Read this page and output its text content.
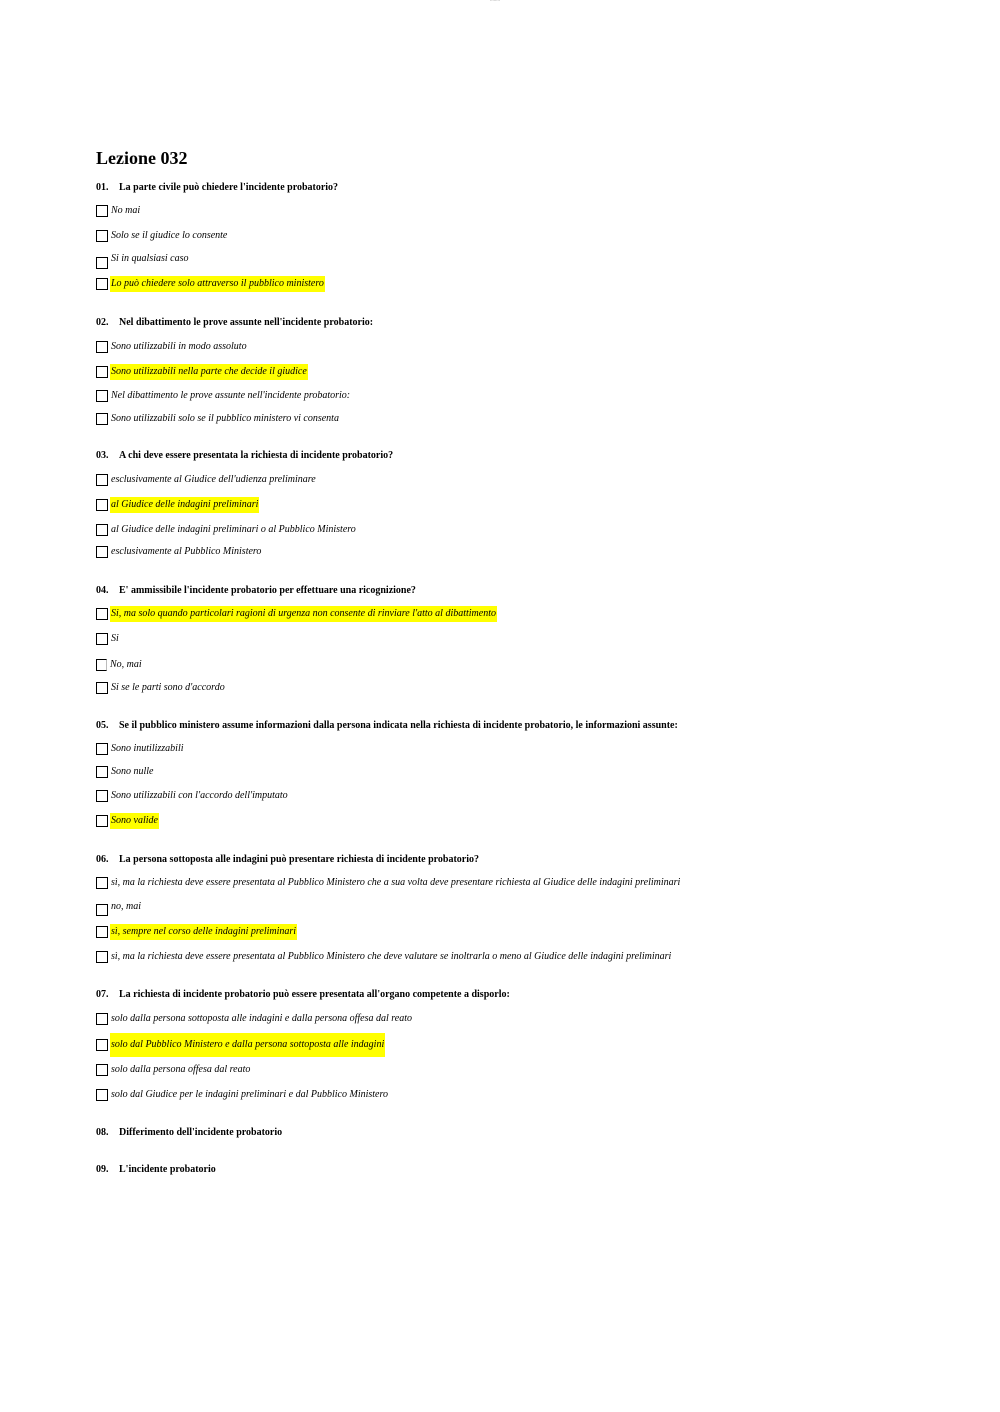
........
Lezione 032
01. La parte civile può chiedere l'incidente probatorio?
No mai
Solo se il giudice lo consente
Si in qualsiasi caso
Lo può chiedere solo attraverso il pubblico ministero
02. Nel dibattimento le prove assunte nell'incidente probatorio:
Sono utilizzabili in modo assoluto
Sono utilizzabili nella parte che decide il giudice
Nel dibattimento le prove assunte nell'incidente probatorio:
Sono utilizzabili solo se il pubblico ministero vi consenta
03. A chi deve essere presentata la richiesta di incidente probatorio?
esclusivamente al Giudice dell'udienza preliminare
al Giudice delle indagini preliminari
al Giudice delle indagini preliminari o al Pubblico Ministero
esclusivamente al Pubblico Ministero
04. E' ammissibile l'incidente probatorio per effettuare una ricognizione?
Si, ma solo quando particolari ragioni di urgenza non consente di rinviare l'atto al dibattimento
Si
No, mai
Si se le parti sono d'accordo
05. Se il pubblico ministero assume informazioni dalla persona indicata nella richiesta di incidente probatorio, le informazioni assunte:
Sono inutilizzabili
Sono nulle
Sono utilizzabili con l'accordo dell'imputato
Sono valide
06. La persona sottoposta alle indagini può presentare richiesta di incidente probatorio?
sì, ma la richiesta deve essere presentata al Pubblico Ministero che a sua volta deve presentare richiesta al Giudice delle indagini preliminari
no, mai
sì, sempre nel corso delle indagini preliminari
sì, ma la richiesta deve essere presentata al Pubblico Ministero che deve valutare se inoltrarla o meno al Giudice delle indagini preliminari
07. La richiesta di incidente probatorio può essere presentata all'organo competente a disporlo:
solo dalla persona sottoposta alle indagini e dalla persona offesa dal reato
solo dal Pubblico Ministero e dalla persona sottoposta alle indagini
solo dalla persona offesa dal reato
solo dal Giudice per le indagini preliminari e dal Pubblico Ministero
08. Differimento dell'incidente probatorio
09. L'incidente probatorio
